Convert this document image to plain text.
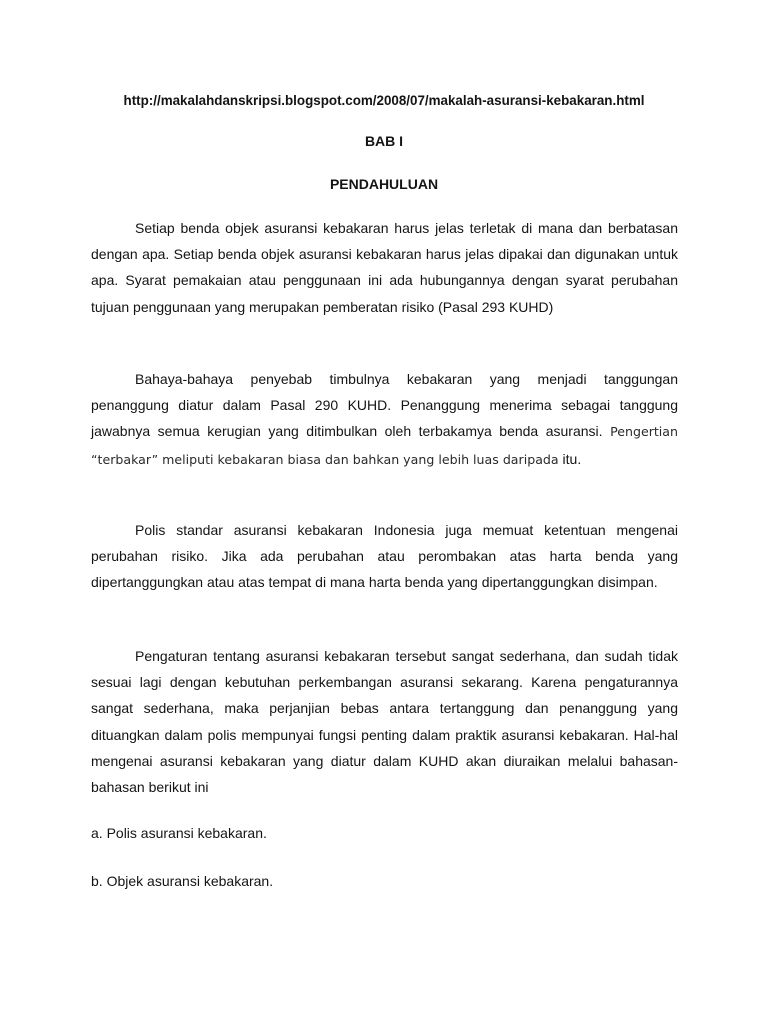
http://makalahdanskripsi.blogspot.com/2008/07/makalah-asuransi-kebakaran.html
BAB I
PENDAHULUAN

Setiap benda objek asuransi kebakaran harus jelas terletak di mana dan berbatasan dengan apa. Setiap benda objek asuransi kebakaran harus jelas dipakai dan digunakan untuk apa. Syarat pemakaian atau penggunaan ini ada hubungannya dengan syarat perubahan tujuan penggunaan yang merupakan pemberatan risiko (Pasal 293 KUHD)

Bahaya-bahaya penyebab timbulnya kebakaran yang menjadi tanggungan penanggung diatur dalam Pasal 290 KUHD. Penanggung menerima sebagai tanggung jawabnya semua kerugian yang ditimbulkan oleh terbakamya benda asuransi. Pengertian “terbakar” meliputi kebakaran biasa dan bahkan yang lebih luas daripada itu.

Polis standar asuransi kebakaran Indonesia juga memuat ketentuan mengenai perubahan risiko. Jika ada perubahan atau perombakan atas harta benda yang dipertanggungkan atau atas tempat di mana harta benda yang dipertanggungkan disimpan.

Pengaturan tentang asuransi kebakaran tersebut sangat sederhana, dan sudah tidak sesuai lagi dengan kebutuhan perkembangan asuransi sekarang. Karena pengaturannya sangat sederhana, maka perjanjian bebas antara tertanggung dan penanggung yang dituangkan dalam polis mempunyai fungsi penting dalam praktik asuransi kebakaran. Hal-hal mengenai asuransi kebakaran yang diatur dalam KUHD akan diuraikan melalui bahasan-bahasan berikut ini

a. Polis asuransi kebakaran.

b. Objek asuransi kebakaran.
